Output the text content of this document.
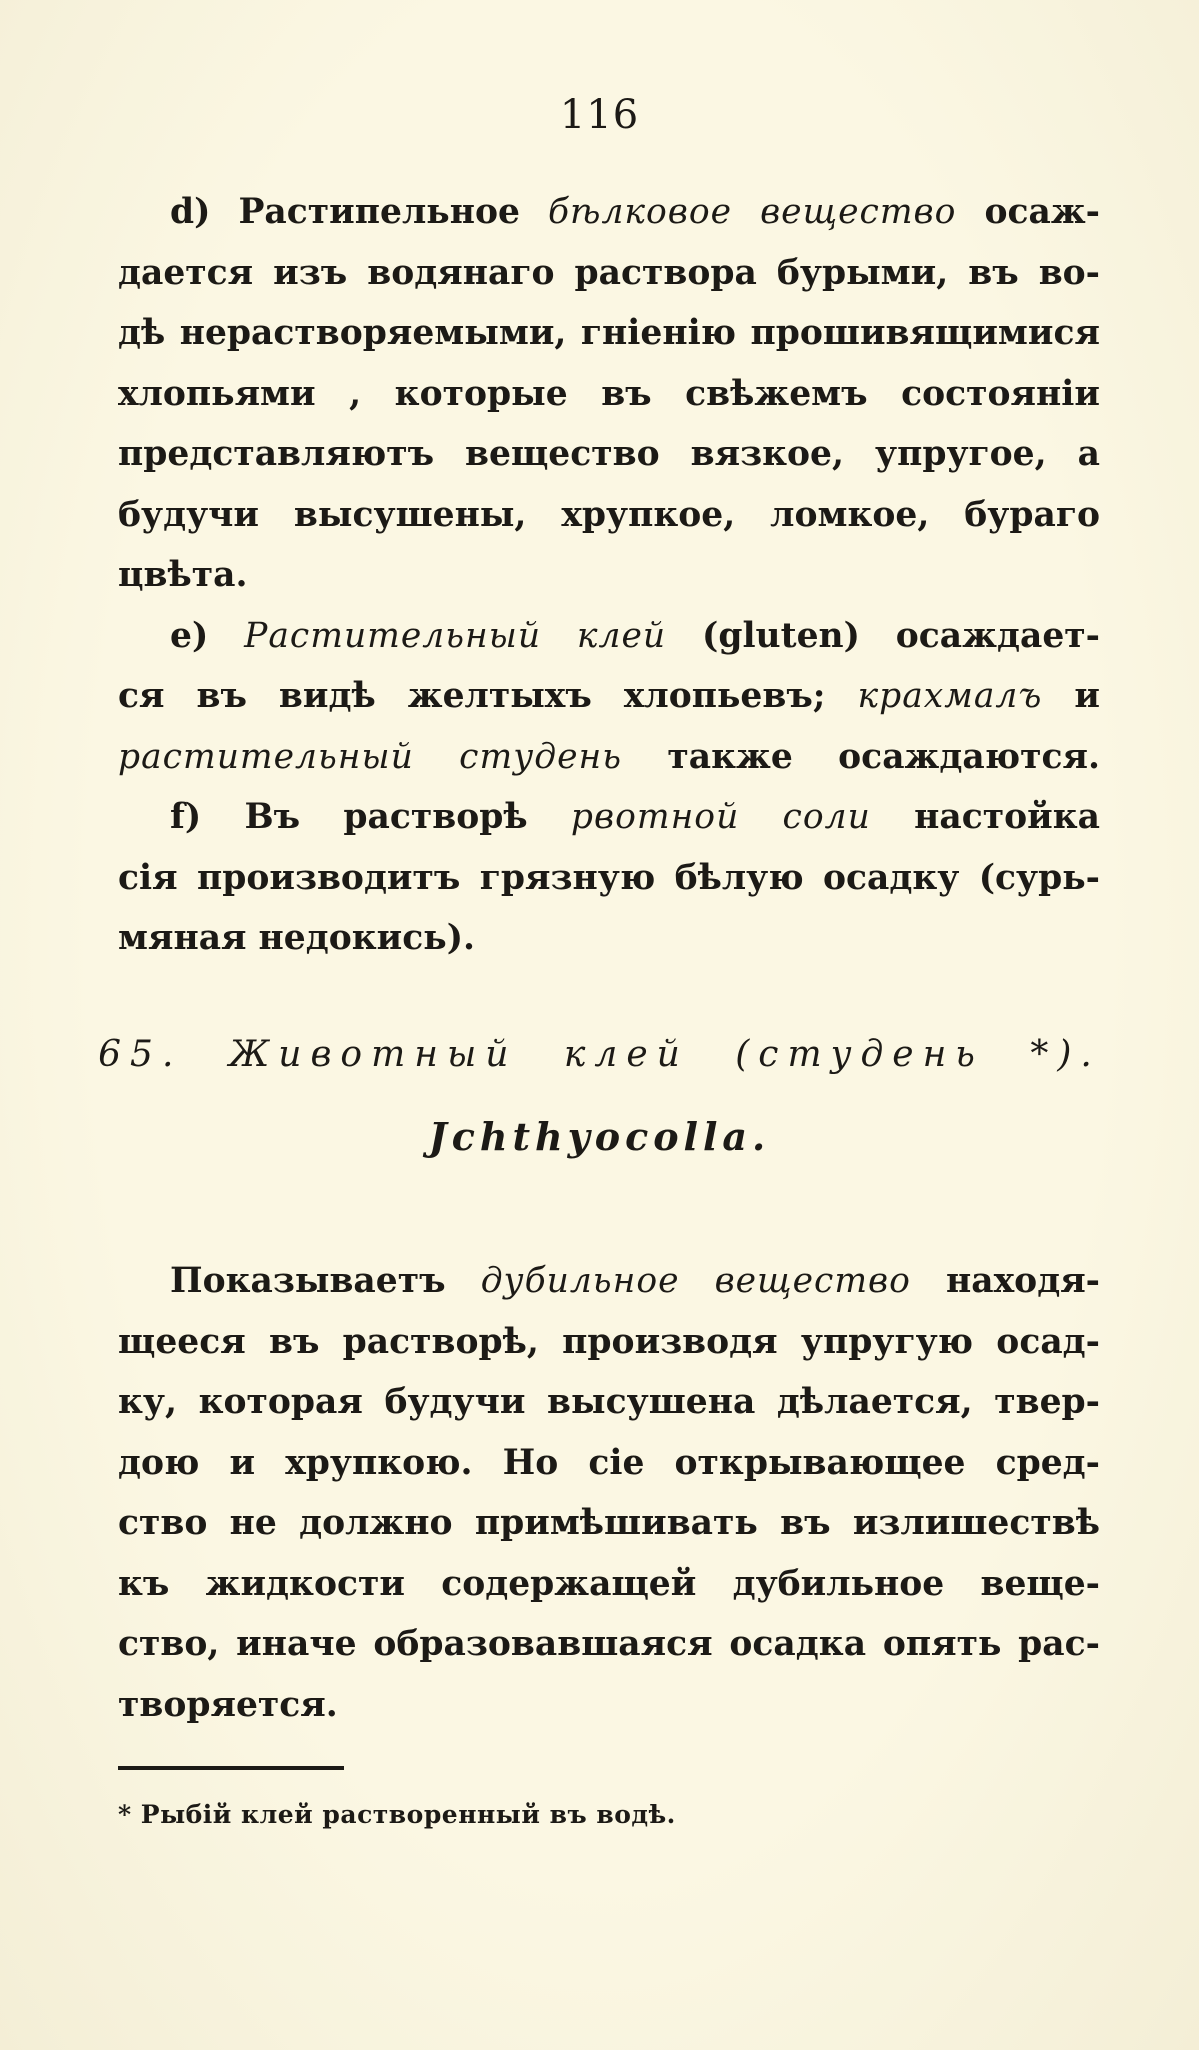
116
d) Растипельное бѣлковое вещество осаж-
дается изъ водянаго раствора бурыми, въ во-
дѣ нерастворяемыми, гніенію прошивящимися
хлопьями , которые въ свѣжемъ состояніи
представляютъ вещество вязкое, упругое, а
будучи высушены, хрупкое, ломкое, бураго
цвѣта.
е) Растительный клей (gluten) осаждает-
ся въ видѣ желтыхъ хлопьевъ; крахмалъ и
растительный студень также осаждаются.
f) Въ растворѣ рвотной соли настойка
сія производитъ грязную бѣлую осадку (сурь-
мяная недокись).
65. Животный клей (студень *).
Jchthyocolla.
Показываетъ дубильное вещество находя-
щееся въ растворѣ, производя упругую осад-
ку, которая будучи высушена дѣлается, твер-
дою и хрупкою. Но сіе открывающее сред-
ство не должно примѣшивать въ излишествѣ
къ жидкости содержащей дубильное веще-
ство, иначе образовавшаяся осадка опять рас-
творяется.
* Рыбій клей растворенный въ водѣ.
